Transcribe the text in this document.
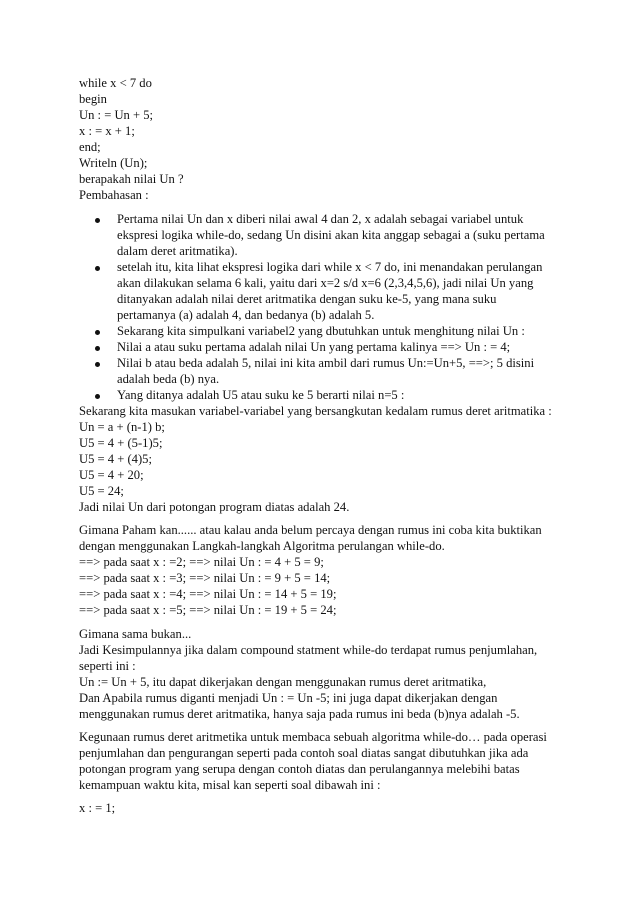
while x < 7 do
begin
Un : = Un + 5;
x : = x + 1;
end;
Writeln (Un);
berapakah nilai Un ?
Pembahasan :
Pertama nilai Un dan x diberi nilai awal 4 dan 2, x adalah sebagai variabel untuk
ekspresi logika while-do, sedang Un disini akan kita anggap sebagai a (suku pertama
dalam deret aritmatika).
setelah itu, kita lihat ekspresi logika dari while x < 7 do, ini menandakan perulangan
akan dilakukan selama 6 kali, yaitu dari x=2 s/d x=6 (2,3,4,5,6), jadi nilai Un yang
ditanyakan adalah nilai deret aritmatika dengan suku ke-5, yang mana suku
pertamanya (a) adalah 4, dan bedanya (b) adalah 5.
Sekarang kita simpulkani variabel2 yang dbutuhkan untuk menghitung nilai Un :
Nilai a atau suku pertama adalah nilai Un yang pertama kalinya ==> Un : = 4;
Nilai b atau beda adalah 5, nilai ini kita ambil dari rumus Un:=Un+5, ==>; 5 disini
adalah beda (b) nya.
Yang ditanya adalah U5 atau suku ke 5 berarti nilai n=5 :
Sekarang kita masukan variabel-variabel yang bersangkutan kedalam rumus deret aritmatika :
Un = a + (n-1) b;
U5 = 4 + (5-1)5;
U5 = 4 + (4)5;
U5 = 4 + 20;
U5 = 24;
Jadi nilai Un dari potongan program diatas adalah 24.
Gimana Paham kan...... atau kalau anda belum percaya dengan rumus ini coba kita buktikan
dengan menggunakan Langkah-langkah Algoritma perulangan while-do.
==> pada saat x : =2; ==> nilai Un : = 4 + 5 = 9;
==> pada saat x : =3; ==> nilai Un : = 9 + 5 = 14;
==> pada saat x : =4; ==> nilai Un : = 14 + 5 = 19;
==> pada saat x : =5; ==> nilai Un : = 19 + 5 = 24;
Gimana sama bukan...
Jadi Kesimpulannya jika dalam compound statment while-do terdapat rumus penjumlahan,
seperti ini :
Un := Un + 5, itu dapat dikerjakan dengan menggunakan rumus deret aritmatika,
Dan Apabila rumus diganti menjadi Un : = Un -5; ini juga dapat dikerjakan dengan
menggunakan rumus deret aritmatika, hanya saja pada rumus ini beda (b)nya adalah -5.
Kegunaan rumus deret aritmetika untuk membaca sebuah algoritma while-do… pada operasi
penjumlahan dan pengurangan seperti pada contoh soal diatas sangat dibutuhkan jika ada
potongan program yang serupa dengan contoh diatas dan perulangannya melebihi batas
kemampuan waktu kita, misal kan seperti soal dibawah ini :
x : = 1;
